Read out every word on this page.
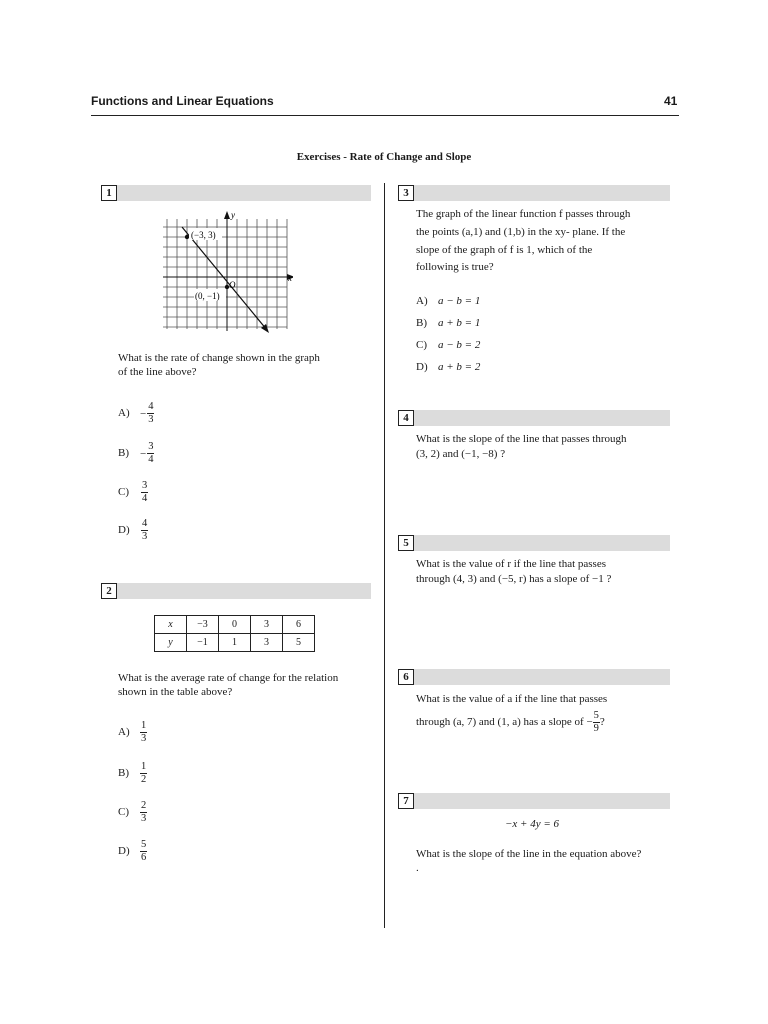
Functions and Linear Equations	41
Exercises - Rate of Change and Slope
1
(−3, 3)
(0, −1)
O
y
x
What is the rate of change shown in the graph
of the line above?
$A) - \frac{4}{3}$
$B) - \frac{3}{4}$
$C) \frac{3}{4}$
$D) \frac{4}{3}$
2
x	−3	0	3	6
y	−1	1	3	5
What is the average rate of change for the relation
shown in the table above?
$A) \frac{1}{3}$
$B) \frac{1}{2}$
$C) \frac{2}{3}$
$D) \frac{5}{6}$
3
The graph of the linear function f passes through
the points (a,1) and (1,b) in the xy- plane. If the
slope of the graph of f is 1, which of the
following is true?
A) a − b = 1
B) a + b = 1
C) a − b = 2
D) a + b = 2
4
What is the slope of the line that passes through
(3, 2) and (−1, −8) ?
5
What is the value of r if the line that passes
through (4, 3) and (−5, r) has a slope of −1 ?
6
What is the value of a if the line that passes
through (a, 7) and (1, a) has a slope of − $\frac{5}{9}$ ?
7
−x + 4y = 6
What is the slope of the line in the equation above?
.
